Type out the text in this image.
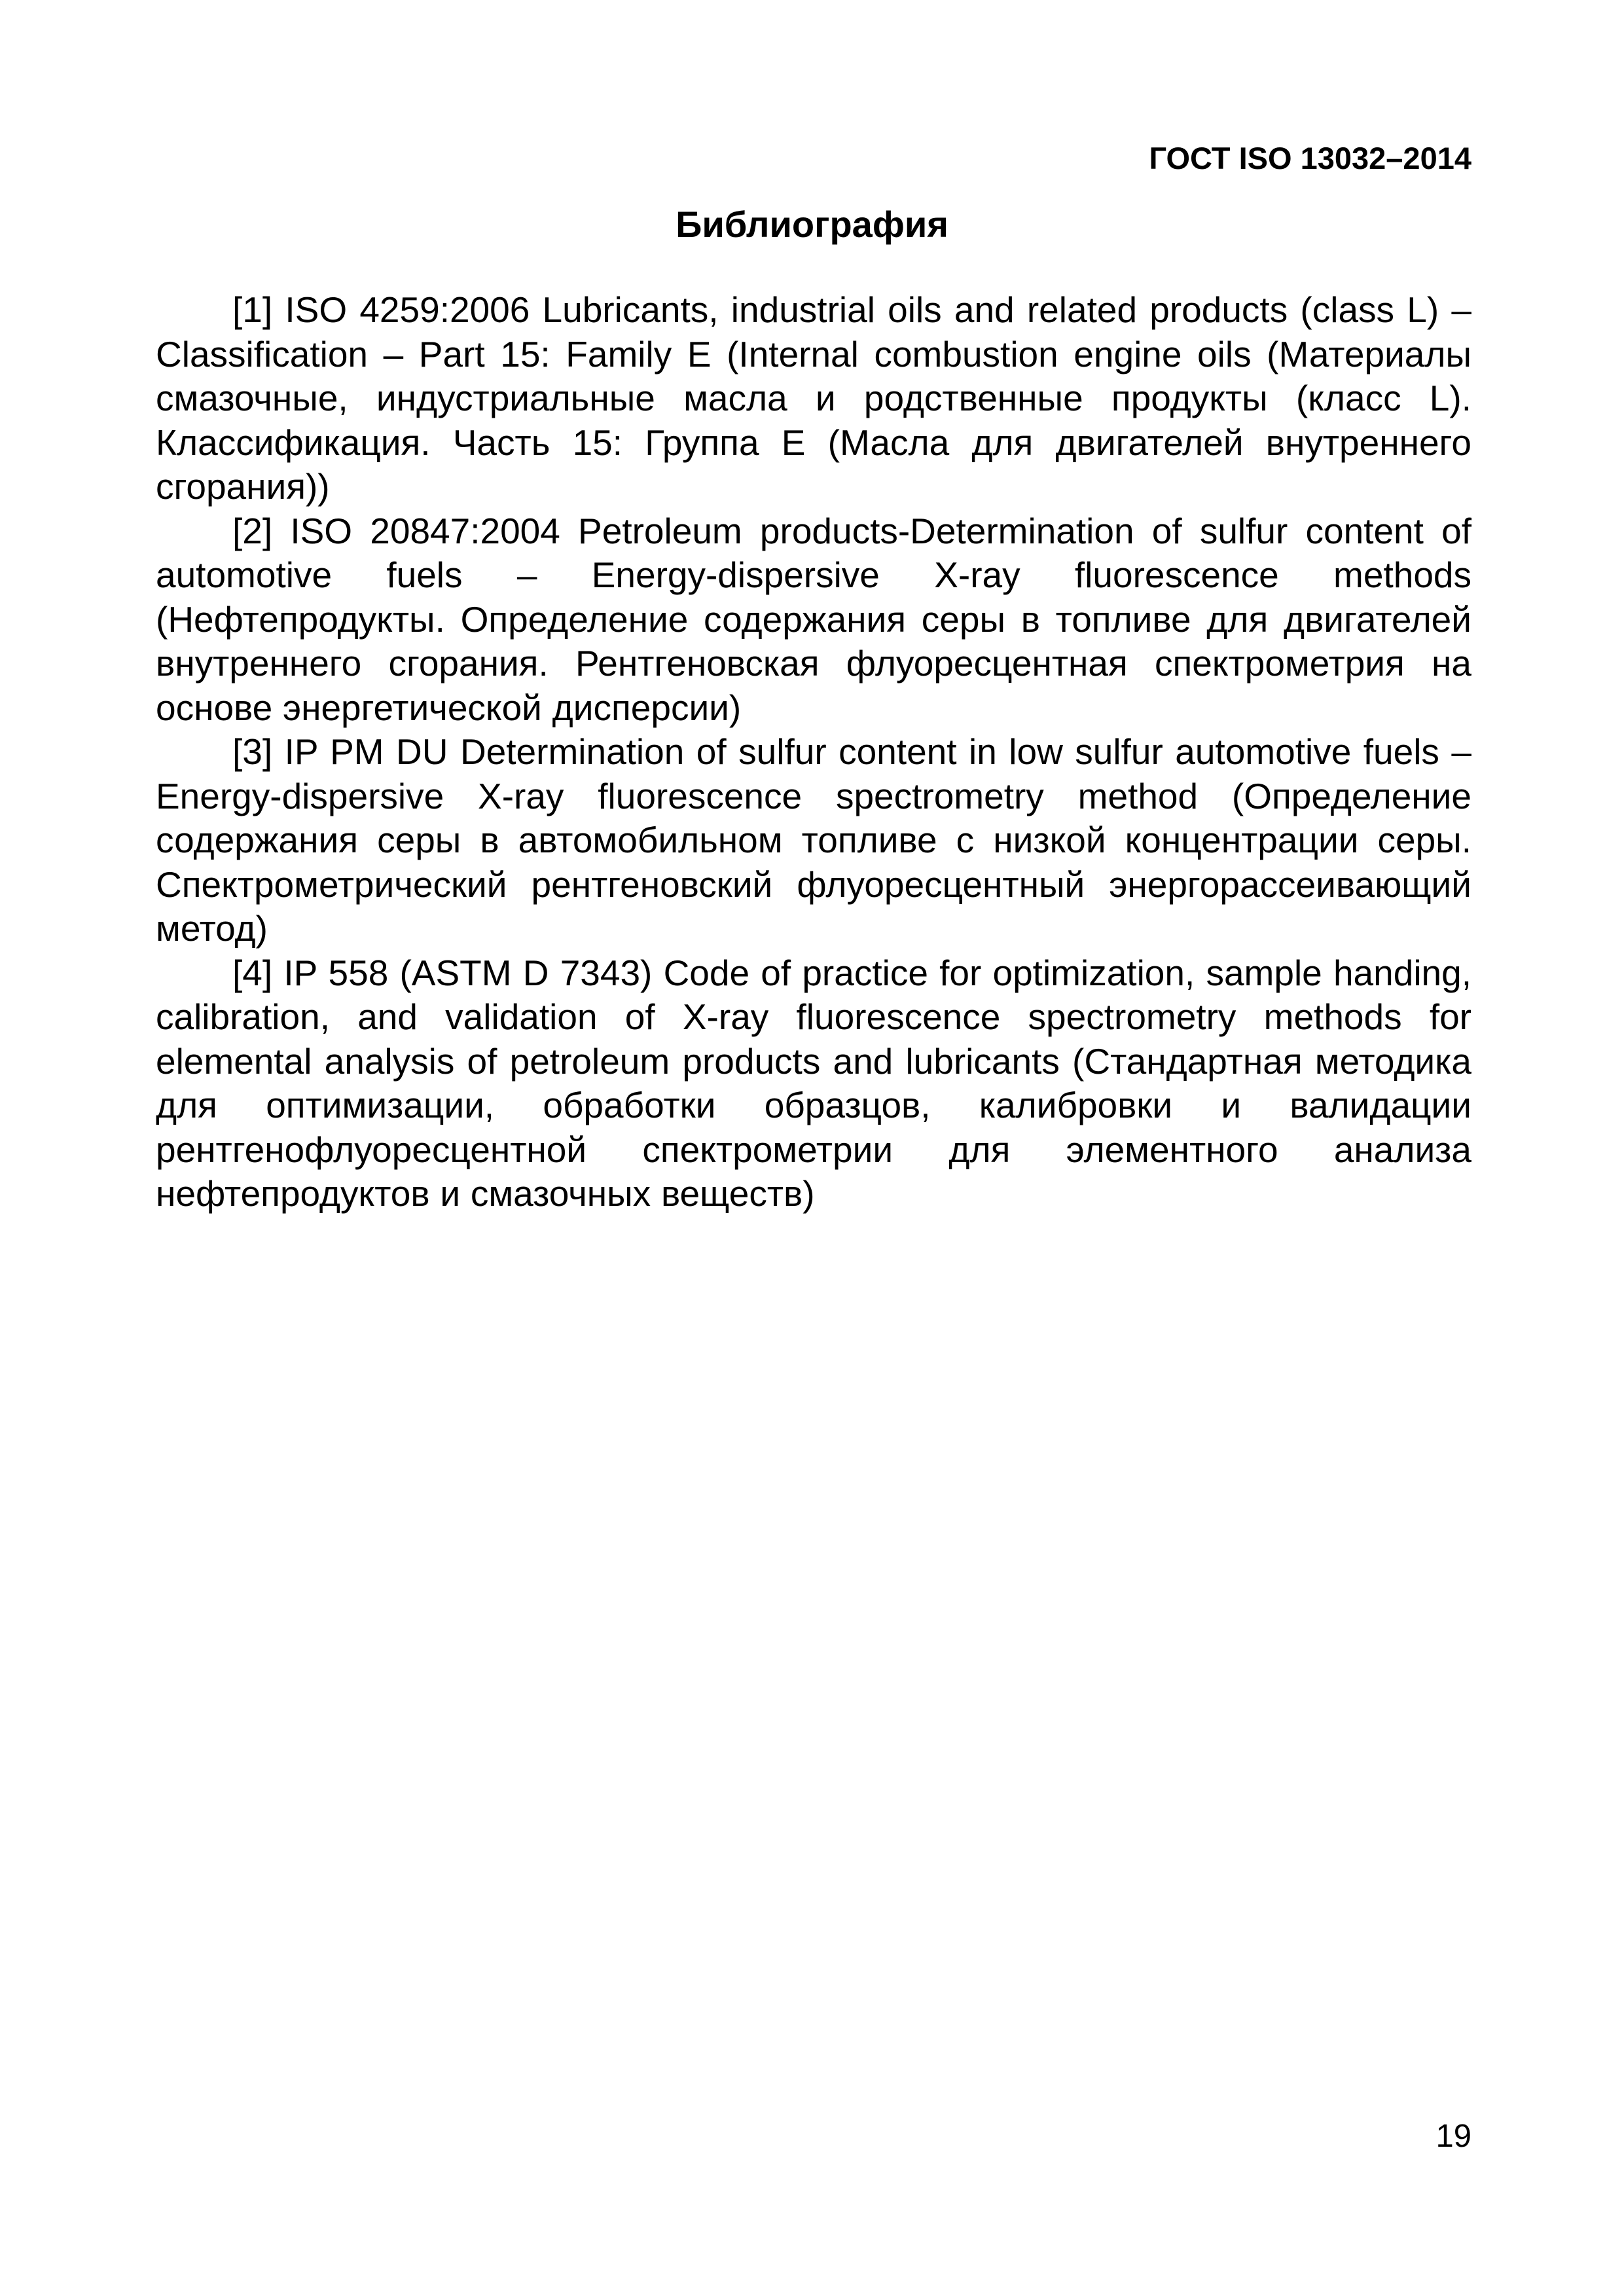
ГОСТ ISO 13032–2014
Библиография

[1] ISO 4259:2006 Lubricants, industrial oils and related products (class L) – Classification – Part 15: Family E (Internal combustion engine oils (Материалы смазочные, индустриальные масла и родственные продукты (класс L). Классификация. Часть 15: Группа Е (Масла для двигателей внутреннего сгорания))

[2] ISO 20847:2004 Petroleum products-Determination of sulfur content of automotive fuels – Energy-dispersive X-ray fluorescence methods (Нефтепродукты. Определение содержания серы в топливе для двигателей внутреннего сгорания. Рентгеновская флуоресцентная спектрометрия на основе энергетической дисперсии)

[3] IP PM DU Determination of sulfur content in low sulfur automotive fuels – Energy-dispersive X-ray fluorescence spectrometry method (Определение содержания серы в автомобильном топливе с низкой концентрации серы. Спектрометрический рентгеновский флуоресцентный энергорассеивающий метод)

[4] IP 558 (ASTM D 7343) Code of practice for optimization, sample handing, calibration, and validation of X-ray fluorescence spectrometry methods for elemental analysis of petroleum products and lubricants (Стандартная методика для оптимизации, обработки образцов, калибровки и валидации рентгенофлуоресцентной спектрометрии для элементного анализа нефтепродуктов и смазочных веществ)

19
